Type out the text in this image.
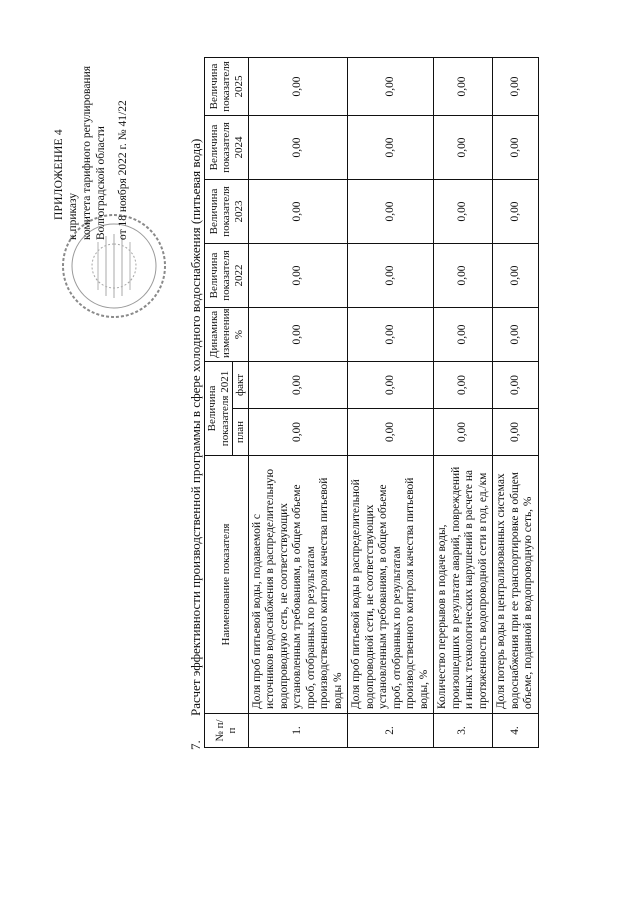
ПРИЛОЖЕНИЕ 4 к приказу комитета тарифного регулирования Волгоградской области от 18 ноября 2022 г. № 41/22
7.Расчет эффективности производственной программы в сфере холодного водоснабжения (питьевая вода)
№ п/п	Наименование показателя	Величина показателя 2021		Динамика изменения %	Величина показателя 2022	Величина показателя 2023	Величина показателя 2024	Величина показателя 2025
		план	факт					
1.	Доля проб питьевой воды, подаваемой с источников водоснабжения в распределительную водопроводную сеть, не соответствующих установленным требованиям, в общем объеме проб, отобранных по результатам производственного контроля качества питьевой воды %	0,00	0,00	0,00	0,00	0,00	0,00	0,00
2.	Доля проб питьевой воды в распределительной водопроводной сети, не соответствующих установленным требованиям, в общем объеме проб, отобранных по результатам производственного контроля качества питьевой воды, %	0,00	0,00	0,00	0,00	0,00	0,00	0,00
3.	Количество перерывов в подаче воды, произошедших в результате аварий, повреждений и иных технологических нарушений в расчете на протяженность водопроводной сети в год, ед./км	0,00	0,00	0,00	0,00	0,00	0,00	0,00
4.	Доля потерь воды в централизованных системах водоснабжения при ее транспортировке в общем объеме, поданной в водопроводную сеть, %	0,00	0,00	0,00	0,00	0,00	0,00	0,00
